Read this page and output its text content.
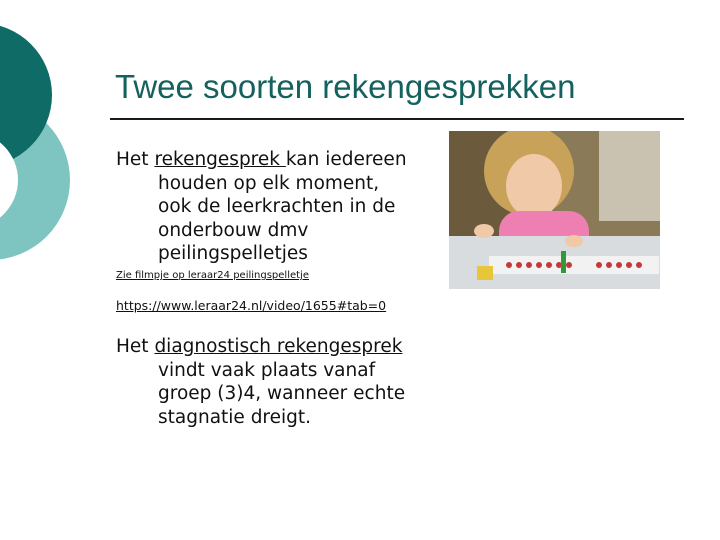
Twee soorten rekengesprekken
Het rekengesprek kan iedereen
houden op elk moment,
ook de leerkrachten in de
onderbouw dmv
peilingspelletjes
Zie filmpje op leraar24 peilingspelletje
https://www.leraar24.nl/video/1655#tab=0
Het diagnostisch rekengesprek
vindt vaak plaats vanaf
groep (3)4, wanneer echte
stagnatie dreigt.
